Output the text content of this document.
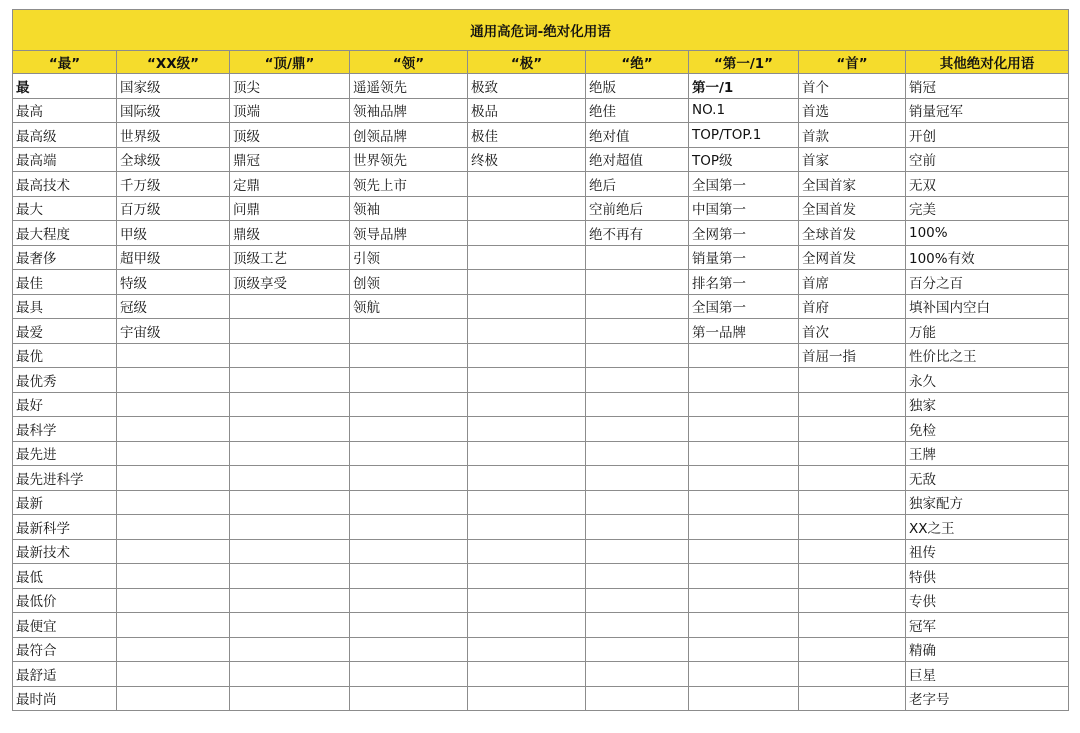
通用高危词-绝对化用语								
“最”	“XX级”	“顶/鼎”	“领”	“极”	“绝”	“第一/1”	“首”	其他绝对化用语
最	国家级	顶尖	遥遥领先	极致	绝版	第一/1	首个	销冠
最高	国际级	顶端	领袖品牌	极品	绝佳	NO.1	首选	销量冠军
最高级	世界级	顶级	创领品牌	极佳	绝对值	TOP/TOP.1	首款	开创
最高端	全球级	鼎冠	世界领先	终极	绝对超值	TOP级	首家	空前
最高技术	千万级	定鼎	领先上市		绝后	全国第一	全国首家	无双
最大	百万级	问鼎	领袖		空前绝后	中国第一	全国首发	完美
最大程度	甲级	鼎级	领导品牌		绝不再有	全网第一	全球首发	100%
最奢侈	超甲级	顶级工艺	引领			销量第一	全网首发	100%有效
最佳	特级	顶级享受	创领			排名第一	首席	百分之百
最具	冠级		领航			全国第一	首府	填补国内空白
最爱	宇宙级					第一品牌	首次	万能
最优							首屈一指	性价比之王
最优秀								永久
最好								独家
最科学								免检
最先进								王牌
最先进科学								无敌
最新								独家配方
最新科学								XX之王
最新技术								祖传
最低								特供
最低价								专供
最便宜								冠军
最符合								精确
最舒适								巨星
最时尚								老字号
